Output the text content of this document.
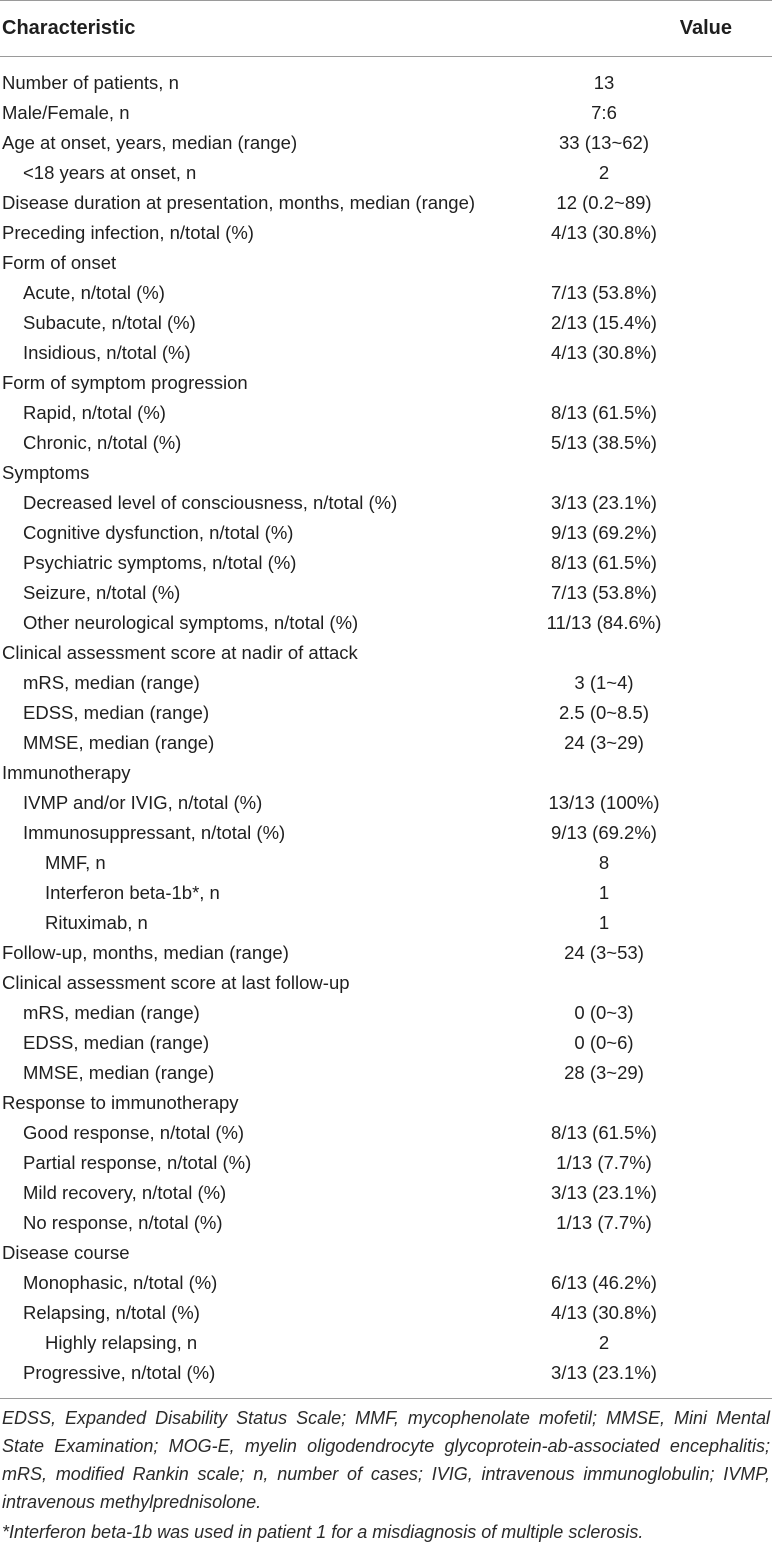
Characteristic	Value
Number of patients, n	13
Male/Female, n	7:6
Age at onset, years, median (range)	33 (13~62)
<18 years at onset, n	2
Disease duration at presentation, months, median (range)	12 (0.2~89)
Preceding infection, n/total (%)	4/13 (30.8%)
Form of onset
Acute, n/total (%)	7/13 (53.8%)
Subacute, n/total (%)	2/13 (15.4%)
Insidious, n/total (%)	4/13 (30.8%)
Form of symptom progression
Rapid, n/total (%)	8/13 (61.5%)
Chronic, n/total (%)	5/13 (38.5%)
Symptoms
Decreased level of consciousness, n/total (%)	3/13 (23.1%)
Cognitive dysfunction, n/total (%)	9/13 (69.2%)
Psychiatric symptoms, n/total (%)	8/13 (61.5%)
Seizure, n/total (%)	7/13 (53.8%)
Other neurological symptoms, n/total (%)	11/13 (84.6%)
Clinical assessment score at nadir of attack
mRS, median (range)	3 (1~4)
EDSS, median (range)	2.5 (0~8.5)
MMSE, median (range)	24 (3~29)
Immunotherapy
IVMP and/or IVIG, n/total (%)	13/13 (100%)
Immunosuppressant, n/total (%)	9/13 (69.2%)
MMF, n	8
Interferon beta-1b*, n	1
Rituximab, n	1
Follow-up, months, median (range)	24 (3~53)
Clinical assessment score at last follow-up
mRS, median (range)	0 (0~3)
EDSS, median (range)	0 (0~6)
MMSE, median (range)	28 (3~29)
Response to immunotherapy
Good response, n/total (%)	8/13 (61.5%)
Partial response, n/total (%)	1/13 (7.7%)
Mild recovery, n/total (%)	3/13 (23.1%)
No response, n/total (%)	1/13 (7.7%)
Disease course
Monophasic, n/total (%)	6/13 (46.2%)
Relapsing, n/total (%)	4/13 (30.8%)
Highly relapsing, n	2
Progressive, n/total (%)	3/13 (23.1%)

EDSS, Expanded Disability Status Scale; MMF, mycophenolate mofetil; MMSE, Mini Mental State Examination; MOG-E, myelin oligodendrocyte glycoprotein-ab-associated encephalitis; mRS, modified Rankin scale; n, number of cases; IVIG, intravenous immunoglobulin; IVMP, intravenous methylprednisolone.

*Interferon beta-1b was used in patient 1 for a misdiagnosis of multiple sclerosis.
